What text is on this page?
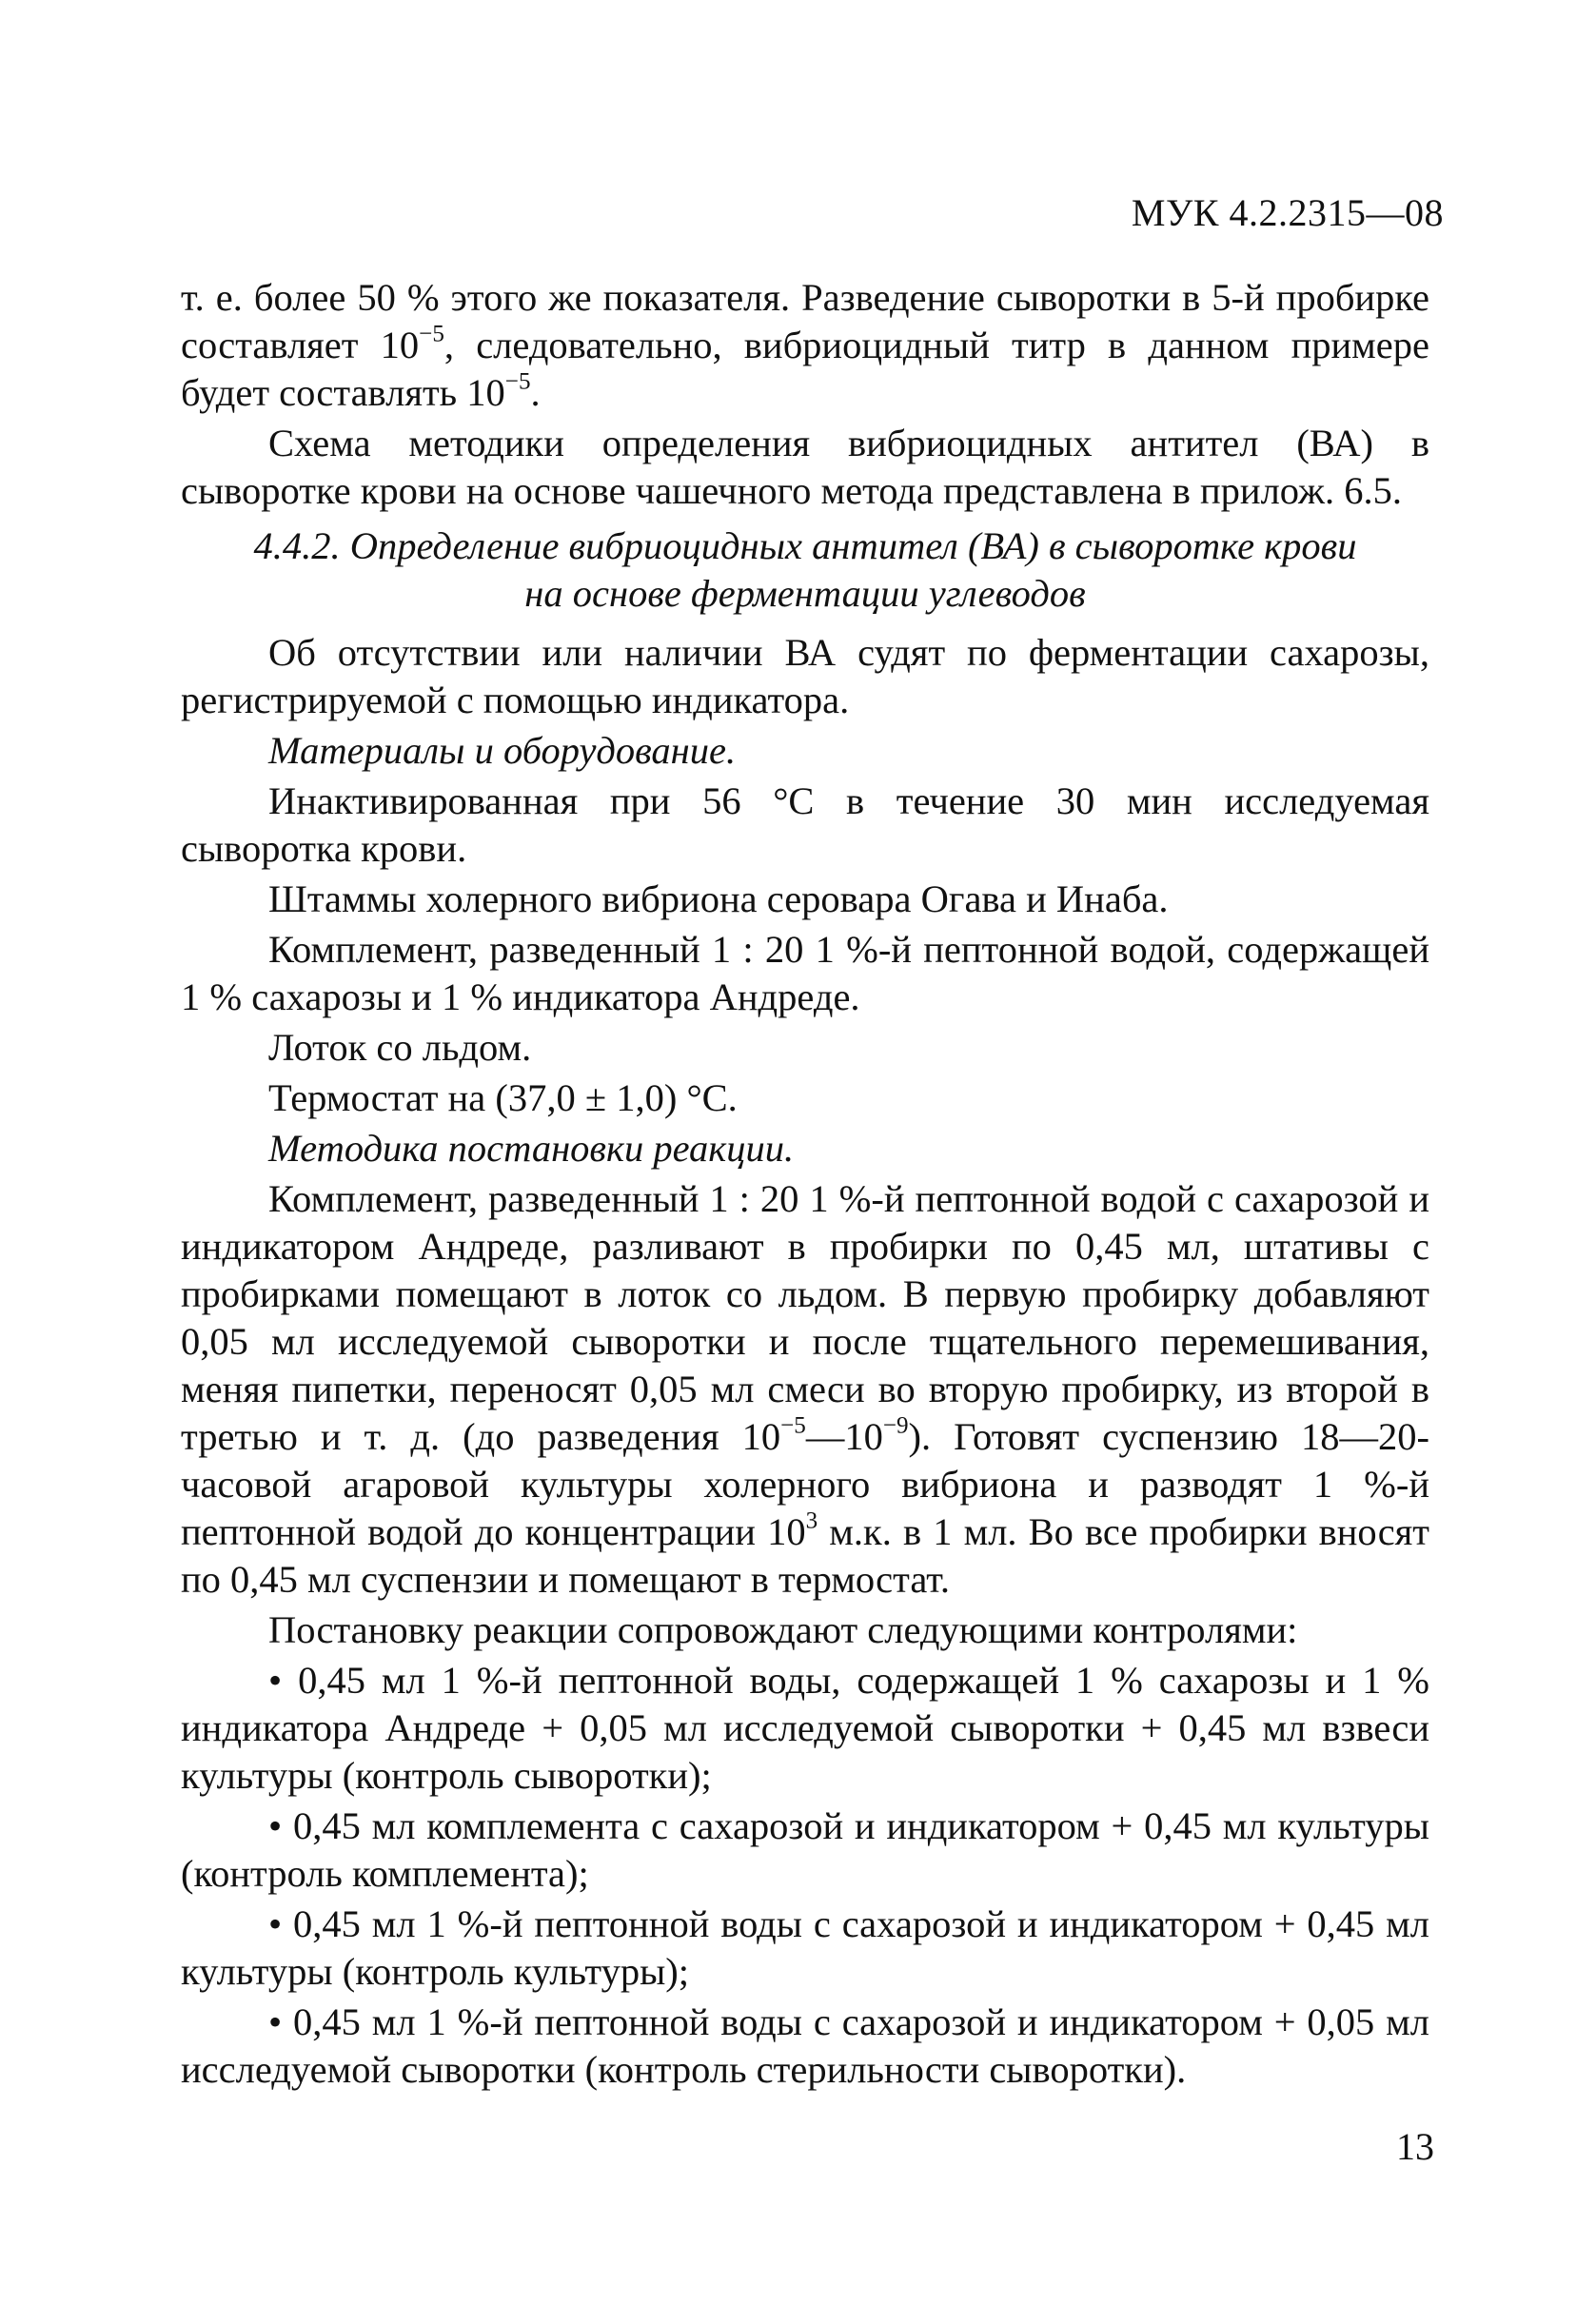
МУК 4.2.2315—08

т. е. более 50 % этого же показателя. Разведение сыворотки в 5-й пробирке составляет $10^{-5}$, следовательно, вибриоцидный титр в данном примере будет составлять $10^{-5}$.

Схема методики определения вибриоцидных антител (ВА) в сыворотке крови на основе чашечного метода представлена в прилож. 6.5.

4.4.2. Определение вибриоцидных антител (ВА) в сыворотке крови
на основе ферментации углеводов

Об отсутствии или наличии ВА судят по ферментации сахарозы, регистрируемой с помощью индикатора.

Материалы и оборудование.

Инактивированная при 56 °С в течение 30 мин исследуемая сыворотка крови.

Штаммы холерного вибриона серовара Огава и Инаба.

Комплемент, разведенный 1 : 20 1 %-й пептонной водой, содержащей 1 % сахарозы и 1 % индикатора Андреде.

Лоток со льдом.

Термостат на (37,0 ± 1,0) °С.

Методика постановки реакции.

Комплемент, разведенный 1 : 20 1 %-й пептонной водой с сахарозой и индикатором Андреде, разливают в пробирки по 0,45 мл, штативы с пробирками помещают в лоток со льдом. В первую пробирку добавляют 0,05 мл исследуемой сыворотки и после тщательного перемешивания, меняя пипетки, переносят 0,05 мл смеси во вторую пробирку, из второй в третью и т. д. (до разведения $10^{-5}—10^{-9}$). Готовят суспензию 18—20-часовой агаровой культуры холерного вибриона и разводят 1 %-й пептонной водой до концентрации $10^3$ м.к. в 1 мл. Во все пробирки вносят по 0,45 мл суспензии и помещают в термостат.

Постановку реакции сопровождают следующими контролями:

• 0,45 мл 1 %-й пептонной воды, содержащей 1 % сахарозы и 1 % индикатора Андреде + 0,05 мл исследуемой сыворотки + 0,45 мл взвеси культуры (контроль сыворотки);

• 0,45 мл комплемента с сахарозой и индикатором + 0,45 мл культуры (контроль комплемента);

• 0,45 мл 1 %-й пептонной воды с сахарозой и индикатором + 0,45 мл культуры (контроль культуры);

• 0,45 мл 1 %-й пептонной воды с сахарозой и индикатором + 0,05 мл исследуемой сыворотки (контроль стерильности сыворотки).

13
